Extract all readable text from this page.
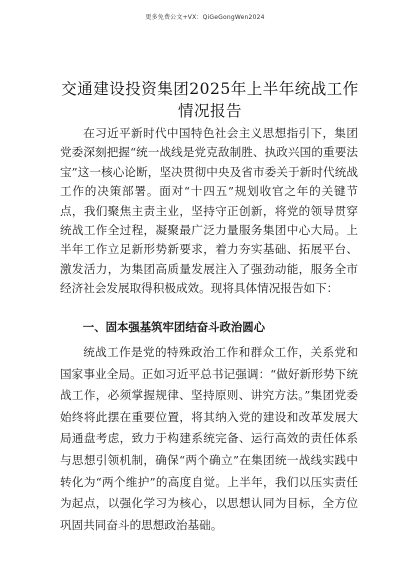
更多免费公文+VX：QiGeGongWen2024
交通建设投资集团2025年上半年统战工作情况报告
在习近平新时代中国特色社会主义思想指引下，集团党委深刻把握“统一战线是党克敌制胜、执政兴国的重要法宝”这一核心论断，坚决贯彻中央及省市委关于新时代统战工作的决策部署。面对“十四五”规划收官之年的关键节点，我们聚焦主责主业，坚持守正创新，将党的领导贯穿统战工作全过程，凝聚最广泛力量服务集团中心大局。上半年工作立足新形势新要求，着力夯实基础、拓展平台、激发活力，为集团高质量发展注入了强劲动能，服务全市经济社会发展取得积极成效。现将具体情况报告如下：
一、固本强基筑牢团结奋斗政治圆心
统战工作是党的特殊政治工作和群众工作，关系党和国家事业全局。正如习近平总书记强调：“做好新形势下统战工作，必须掌握规律、坚持原则、讲究方法。”集团党委始终将此摆在重要位置，将其纳入党的建设和改革发展大局通盘考虑，致力于构建系统完备、运行高效的责任体系与思想引领机制，确保“两个确立”在集团统一战线实践中转化为“两个维护”的高度自觉。上半年，我们以压实责任为起点，以强化学习为核心，以思想认同为目标，全方位巩固共同奋斗的思想政治基础。
